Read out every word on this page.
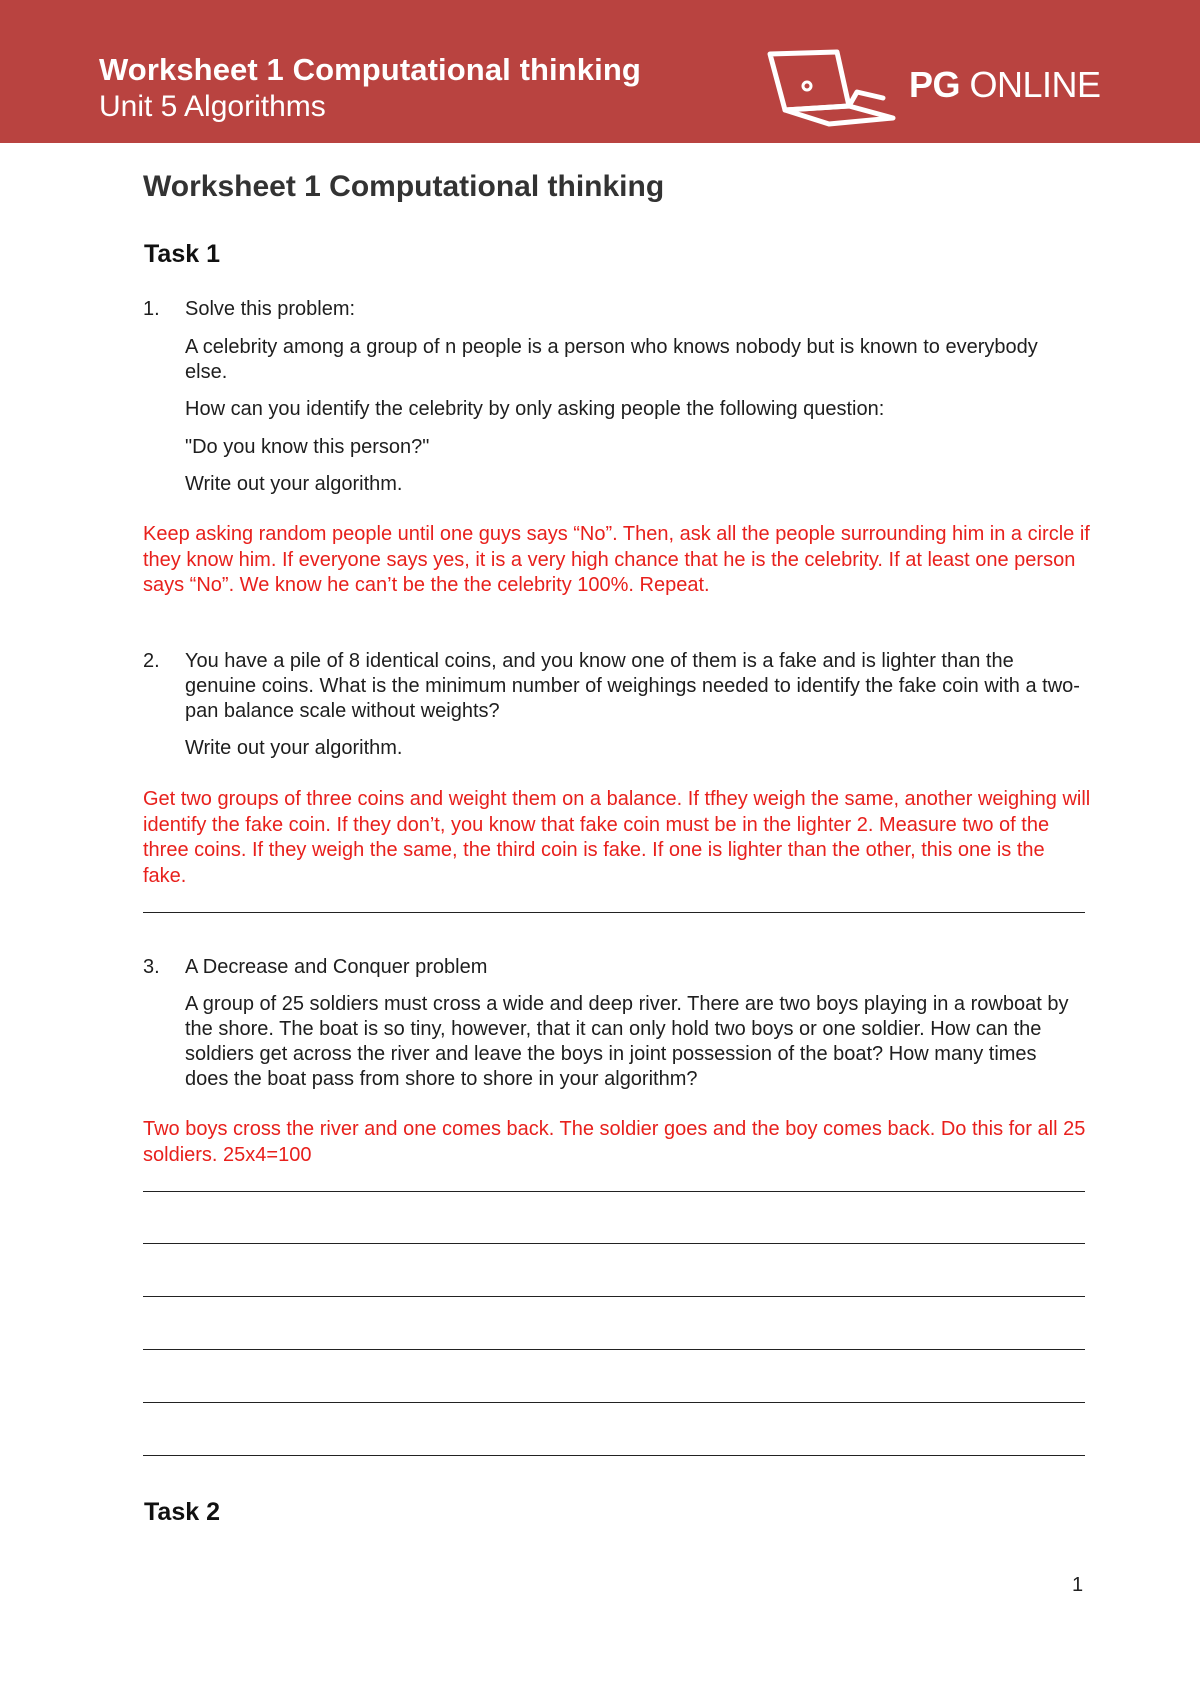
Worksheet 1 Computational thinking
Unit 5 Algorithms
PG ONLINE
Worksheet 1 Computational thinking
Task 1
1. Solve this problem:
A celebrity among a group of n people is a person who knows nobody but is known to everybody else.
How can you identify the celebrity by only asking people the following question:
"Do you know this person?"
Write out your algorithm.
Keep asking random people until one guys says “No”. Then, ask all the people surrounding him in a circle if they know him. If everyone says yes, it is a very high chance that he is the celebrity. If at least one person says “No”. We know he can’t be the the celebrity 100%. Repeat.
2. You have a pile of 8 identical coins, and you know one of them is a fake and is lighter than the genuine coins. What is the minimum number of weighings needed to identify the fake coin with a two-pan balance scale without weights?
Write out your algorithm.
Get two groups of three coins and weight them on a balance. If tfhey weigh the same, another weighing will identify the fake coin. If they don’t, you know that fake coin must be in the lighter 2. Measure two of the three coins. If they weigh the same, the third coin is fake. If one is lighter than the other, this one is the fake.
3. A Decrease and Conquer problem
A group of 25 soldiers must cross a wide and deep river. There are two boys playing in a rowboat by the shore. The boat is so tiny, however, that it can only hold two boys or one soldier. How can the soldiers get across the river and leave the boys in joint possession of the boat? How many times does the boat pass from shore to shore in your algorithm?
Two boys cross the river and one comes back. The soldier goes and the boy comes back. Do this for all 25 soldiers. 25x4=100
Task 2
1
